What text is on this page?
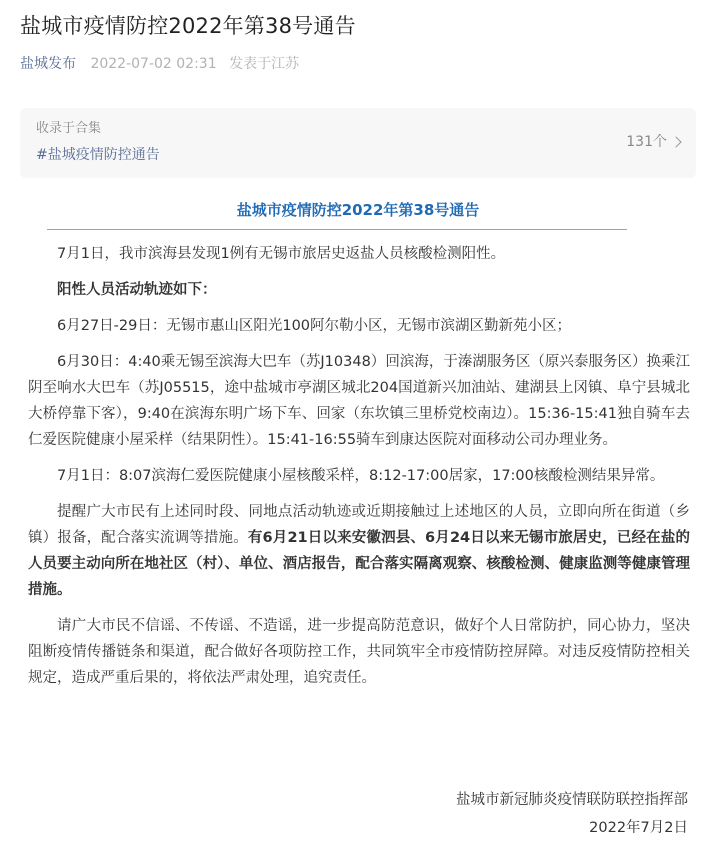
盐城市疫情防控2022年第38号通告
盐城发布 2022-07-02 02:31 发表于江苏
收录于合集
#盐城疫情防控通告
131个
盐城市疫情防控2022年第38号通告

7月1日，我市滨海县发现1例有无锡市旅居史返盐人员核酸检测阳性。

阳性人员活动轨迹如下：

6月27日-29日：无锡市惠山区阳光100阿尔勒小区，无锡市滨湖区勤新苑小区；

6月30日：4:40乘无锡至滨海大巴车（苏J10348）回滨海，于溱湖服务区（原兴泰服务区）换乘江阴至响水大巴车（苏J05515，途中盐城市亭湖区城北204国道新兴加油站、建湖县上冈镇、阜宁县城北大桥停靠下客），9:40在滨海东明广场下车、回家（东坎镇三里桥党校南边）。15:36-15:41独自骑车去仁爱医院健康小屋采样（结果阴性）。15:41-16:55骑车到康达医院对面移动公司办理业务。

7月1日：8:07滨海仁爱医院健康小屋核酸采样，8:12-17:00居家，17:00核酸检测结果异常。

提醒广大市民有上述同时段、同地点活动轨迹或近期接触过上述地区的人员，立即向所在街道（乡镇）报备，配合落实流调等措施。有6月21日以来安徽泗县、6月24日以来无锡市旅居史，已经在盐的人员要主动向所在地社区（村）、单位、酒店报告，配合落实隔离观察、核酸检测、健康监测等健康管理措施。

请广大市民不信谣、不传谣、不造谣，进一步提高防范意识，做好个人日常防护，同心协力，坚决阻断疫情传播链条和渠道，配合做好各项防控工作，共同筑牢全市疫情防控屏障。对违反疫情防控相关规定，造成严重后果的，将依法严肃处理，追究责任。

盐城市新冠肺炎疫情联防联控指挥部
2022年7月2日
